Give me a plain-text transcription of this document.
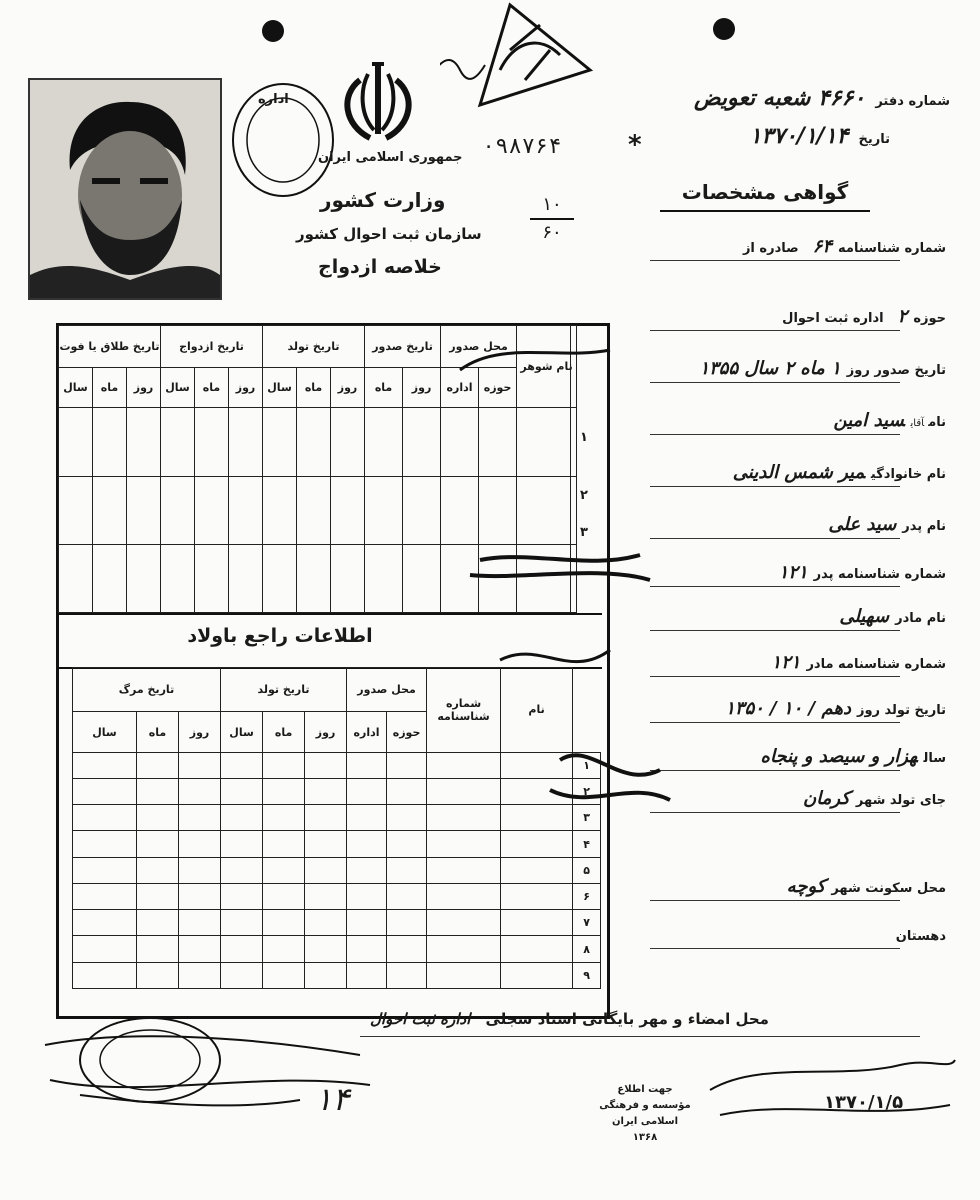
اداره
جمهوری اسلامی ایران
وزارت کشور
سازمان ثبت احوال کشور
خلاصه ازدواج
۰۹۸۷۶۴	*
۱۰
۶۰
شماره دفتر ۴۶۶۰ شعبه تعویض
تاریخ ۱۳۷۰/۱/۱۴
گواهی مشخصات
شماره شناسنامه۶۴صادره از
حوزه۲اداره ثبت احوال
تاریخ صدور روز۱ ماه ۲ سال ۱۳۵۵
نامآقایسید امین
نام خانوادگیمیر شمس الدینی
نام پدرسید علی
شماره شناسنامه پدر۱۲۱
نام مادرسهیلی
شماره شناسنامه مادر۱۲۱
تاریخ تولد روزدهم / ۱۰ / ۱۳۵۰
سالهزار و سیصد و پنجاه
جای تولد شهرکرمان
محل سکونت شهرکوچه
دهستان
نام شوهر	محل صدور		تاریخ صدور		تاریخ تولد			تاریخ ازدواج			تاریخ طلاق یا فوت		
	حوزه	اداره	روز	ماه	روز	ماه	سال	روز	ماه	سال	روز	ماه	سال

۱
۲
۳
اطلاعات راجع باولاد
	نام	شماره شناسنامه	محل صدور		تاریخ تولد			تاریخ مرگ		
			حوزه	اداره	روز	ماه	سال	روز	ماه	سال
۱										
۲										
۳										
۴										
۵										
۶										
۷										
۸										
۹										
محل امضاء و مهر بایگانی اسناد سجلی اداره ثبت احوال
۱۴	۱۳۷۰/۱/۵
جهت اطلاع
مؤسسه و فرهنگی اسلامی ایران
۱۳۶۸
